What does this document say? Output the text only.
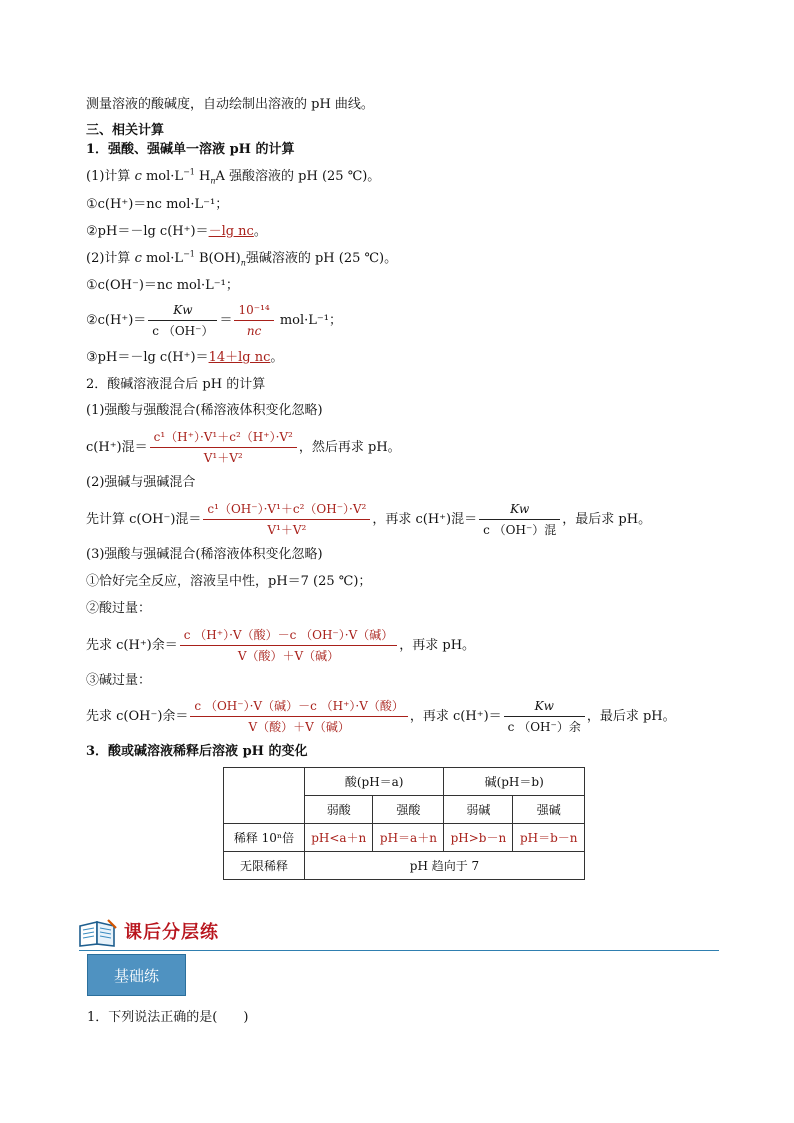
测量溶液的酸碱度，自动绘制出溶液的 pH 曲线。
三、相关计算
1．强酸、强碱单一溶液 pH 的计算
(1)计算 c $mol\cdot L^{-1}$ $H_nA$ 强酸溶液的 pH (25 ℃)。
①c(H⁺)＝nc mol·L⁻¹；
②pH＝－lg c(H⁺)＝－lg nc。
(2)计算 c $mol\cdot L^{-1}$ $B(OH)_n$强碱溶液的 pH (25 ℃)。
①c(OH⁻)＝nc mol·L⁻¹；
②c(H⁺)＝ $\frac{Kw}{c (OH^-)} = \frac{\text{10⁻¹⁴}}{nc} mol\cdot L^{-1}$；
③pH＝－lg c(H⁺)＝14＋lg nc。
2．酸碱溶液混合后 pH 的计算
(1)强酸与强酸混合(稀溶液体积变化忽略)
c(H⁺)混＝ $\frac{\text{c¹（H⁺）·V¹＋c²（H⁺）·V²}}{\text{V¹＋V²}}$ ，然后再求 pH。
(2)强碱与强碱混合
先计算 c(OH⁻)混＝ $\frac{\text{c¹（OH⁻）·V¹＋c²（OH⁻）·V²}}{\text{V¹＋V²}}$ ，再求 c(H⁺)混＝ $\frac{Kw}{\text{c （OH⁻）混}}$ ，最后求 pH。
(3)强酸与强碱混合(稀溶液体积变化忽略)
①恰好完全反应，溶液呈中性，pH＝7 (25 ℃)；
②酸过量：
先求 c(H⁺)余＝ $\frac{\text{c （H⁺）·V（酸）－c （OH⁻）·V（碱）}}{\text{V（酸）＋V（碱）}}$ ，再求 pH。
③碱过量：
先求 c(OH⁻)余＝ $\frac{\text{c （OH⁻）·V（碱）－c （H⁺）·V（酸）}}{\text{V（酸）＋V（碱）}}$ ，再求 $c(H^+)= \frac{Kw}{\text{c （OH⁻）余}}$ ，最后求 pH。
3．酸或碱溶液稀释后溶液 pH 的变化
	酸(pH＝a)		碱(pH＝b)	
	弱酸	强酸	弱碱	强碱
稀释 10ⁿ倍	pH<a＋n	pH＝a＋n	pH>b－n	pH＝b－n
无限稀释	pH 趋向于 7			
课后分层练
基础练
1．下列说法正确的是(　　)
